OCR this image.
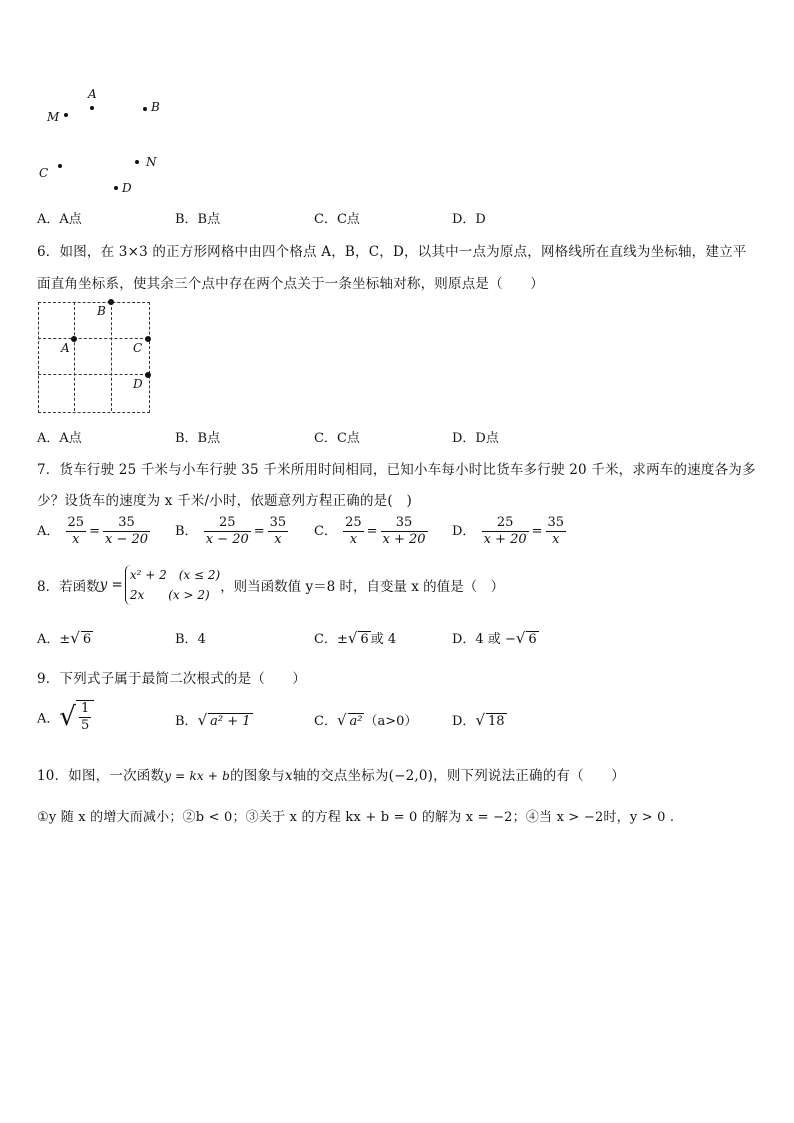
A
B
M
N
C
D
A．A点	B．B点	C．C点	D．D
6．如图，在 3×3 的正方形网格中由四个格点 A，B，C，D，以其中一点为原点，网格线所在直线为坐标轴，建立平
面直角坐标系，使其余三个点中存在两个点关于一条坐标轴对称，则原点是（　　）
B
A	C
D
A．A点	B．B点	C．C点	D．D点
7．货车行驶 25 千米与小车行驶 35 千米所用时间相同，已知小车每小时比货车多行驶 20 千米，求两车的速度各为多
少？设货车的速度为 x 千米/小时，依题意列方程正确的是(　)
A． $\frac{25}{x} = \frac{35}{x - 20}$ B． $\frac{25}{x - 20} = \frac{35}{x}$ C． $\frac{25}{x} = \frac{35}{x + 20}$ D． $\frac{25}{x + 20} = \frac{35}{x}$
8．若函数y =
x² + 2　(x ≤ 2)
2x　　(x > 2) ，则当函数值 y＝8 时，自变量 x 的值是（　）
A．±√ 6	B．4	C．±√ 6 或 4	D．4 或 −√ 6
9．下列式子属于最简二次根式的是（　　）
A．√ $\frac{1}{5}$	B．√ a² + 1	C．√ a² （a>0）	D．√ 18
10．如图，一次函数y = kx + b的图象与x轴的交点坐标为(−2,0)，则下列说法正确的有（　　）
①y 随 x 的增大而减小；②b < 0；③关于 x 的方程 kx + b = 0 的解为 x = −2；④当 x > −2时，y > 0 .
